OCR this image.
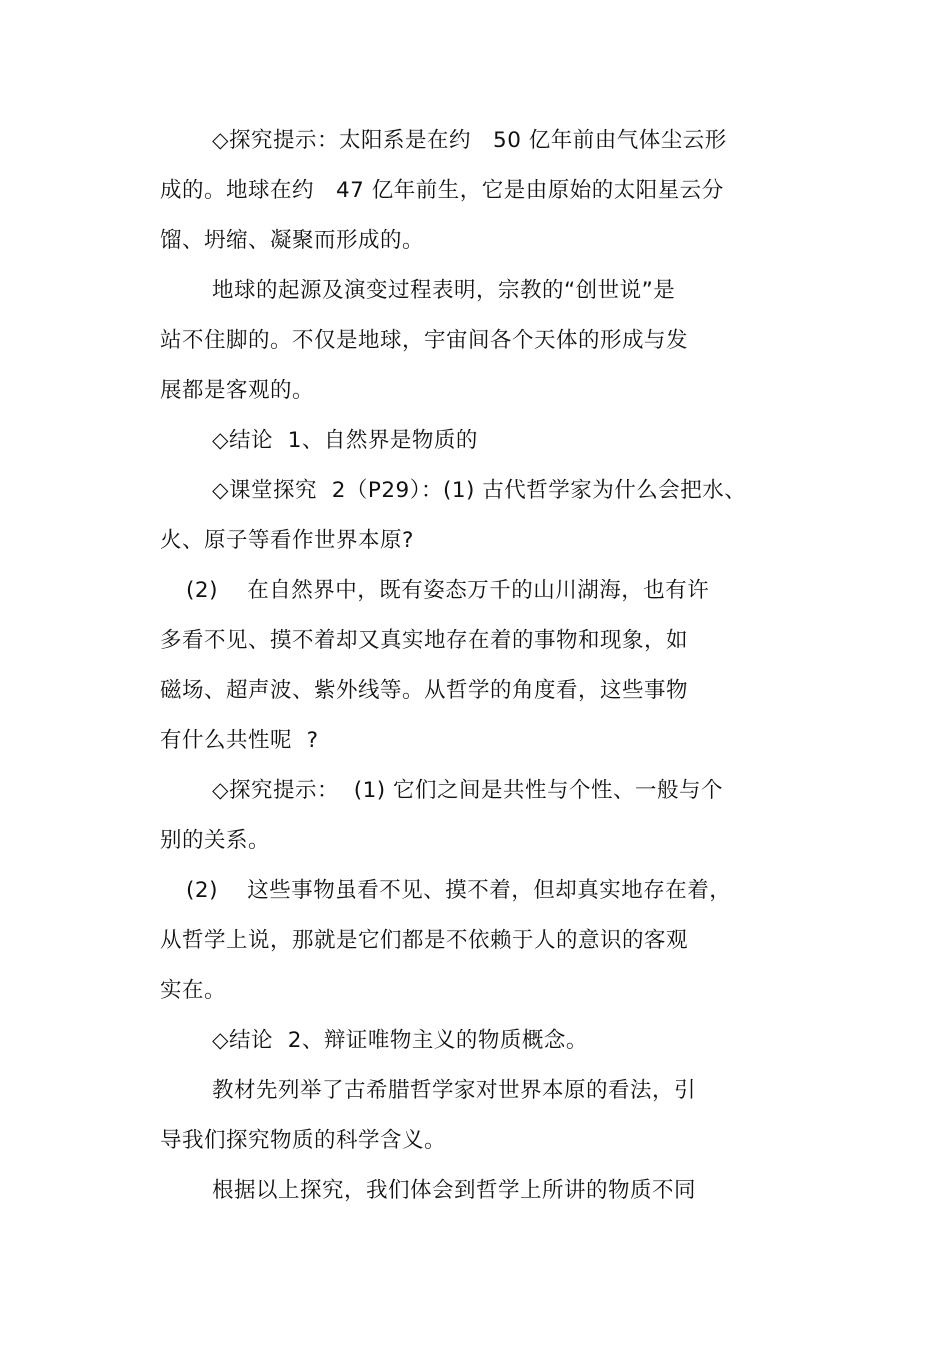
◇探究提示：太阳系是在约　50 亿年前由气体尘云形
成的。地球在约　47 亿年前生，它是由原始的太阳星云分
馏、坍缩、凝聚而形成的。
地球的起源及演变过程表明，宗教的“创世说”是
站不住脚的。不仅是地球，宇宙间各个天体的形成与发
展都是客观的。
◇结论  1、自然界是物质的
◇课堂探究  2（P29）：(1) 古代哲学家为什么会把水、
火、原子等看作世界本原?
(2)　 在自然界中，既有姿态万千的山川湖海，也有许
多看不见、摸不着却又真实地存在着的事物和现象，如
磁场、超声波、紫外线等。从哲学的角度看，这些事物
有什么共性呢  ?
◇探究提示：  (1) 它们之间是共性与个性、一般与个
别的关系。
(2)　 这些事物虽看不见、摸不着，但却真实地存在着，
从哲学上说，那就是它们都是不依赖于人的意识的客观
实在。
◇结论  2、辩证唯物主义的物质概念。
教材先列举了古希腊哲学家对世界本原的看法，引
导我们探究物质的科学含义。
根据以上探究，我们体会到哲学上所讲的物质不同
